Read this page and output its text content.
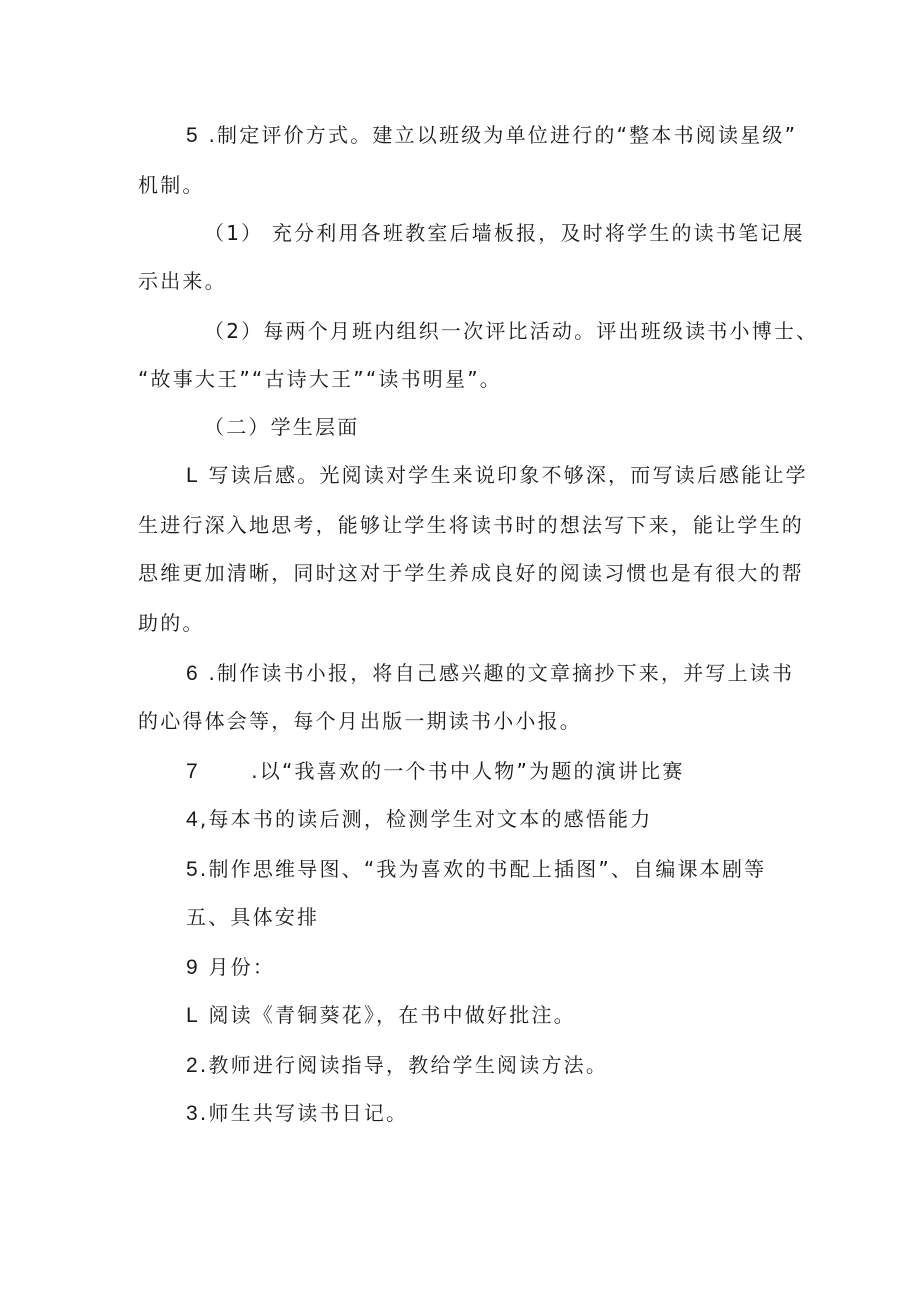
5 .制定评价方式。建立以班级为单位进行的“整本书阅读星级”
机制。
（1） 充分利用各班教室后墙板报，及时将学生的读书笔记展
示出来。
（2）每两个月班内组织一次评比活动。评出班级读书小博士、
“故事大王”“古诗大王”“读书明星”。
（二）学生层面
L 写读后感。光阅读对学生来说印象不够深，而写读后感能让学
生进行深入地思考，能够让学生将读书时的想法写下来，能让学生的
思维更加清晰，同时这对于学生养成良好的阅读习惯也是有很大的帮
助的。
6 .制作读书小报，将自己感兴趣的文章摘抄下来，并写上读书
的心得体会等，每个月出版一期读书小小报。
7      .以“我喜欢的一个书中人物”为题的演讲比赛
4,每本书的读后测，检测学生对文本的感悟能力
5.制作思维导图、“我为喜欢的书配上插图”、自编课本剧等
五、具体安排
9 月份：
L 阅读《青铜葵花》，在书中做好批注。
2.教师进行阅读指导，教给学生阅读方法。
3.师生共写读书日记。
